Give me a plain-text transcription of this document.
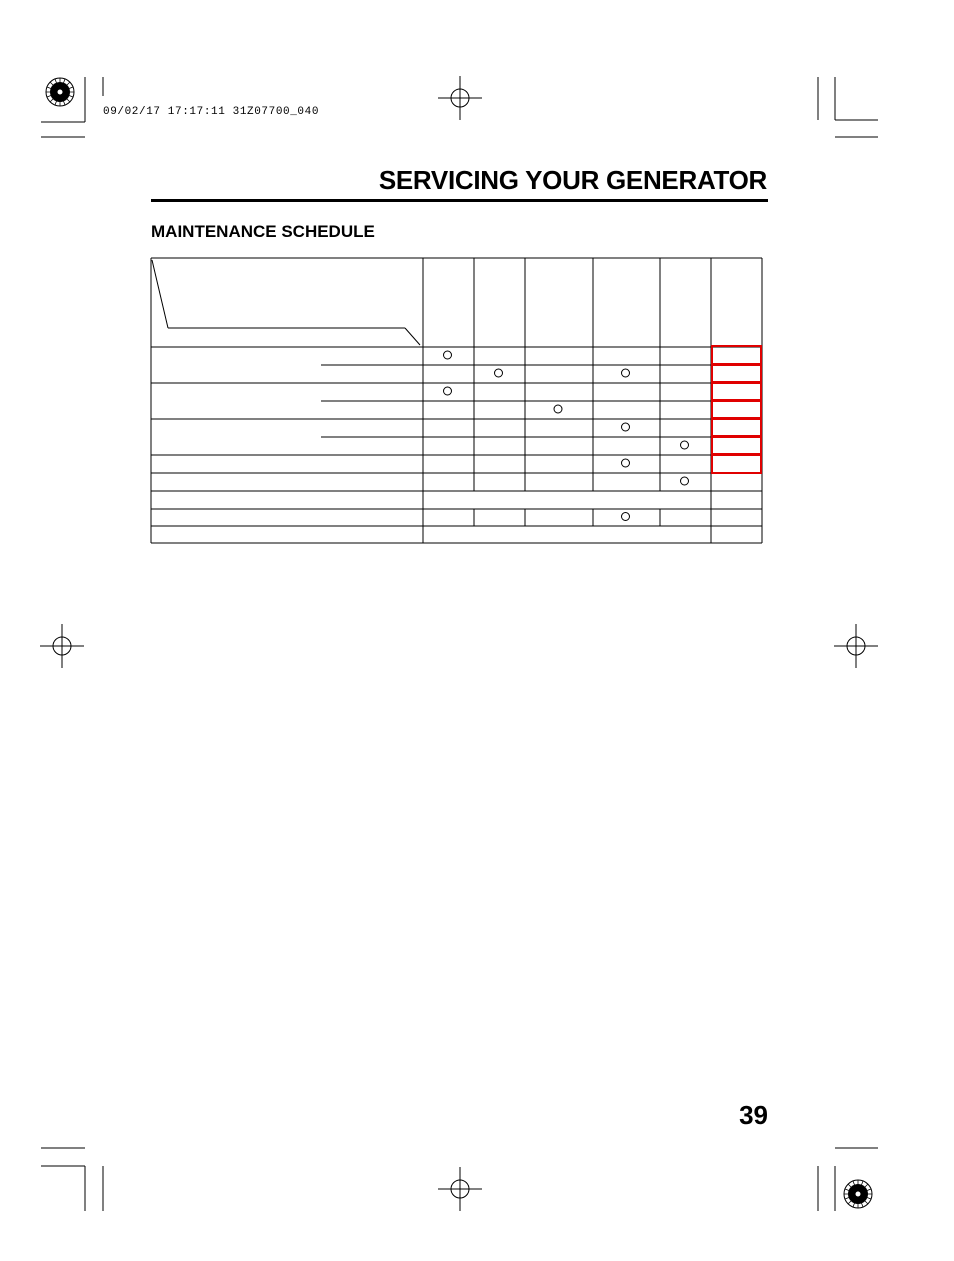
09/02/17 17:17:11 31Z07700_040
SERVICING YOUR GENERATOR
MAINTENANCE SCHEDULE
39
